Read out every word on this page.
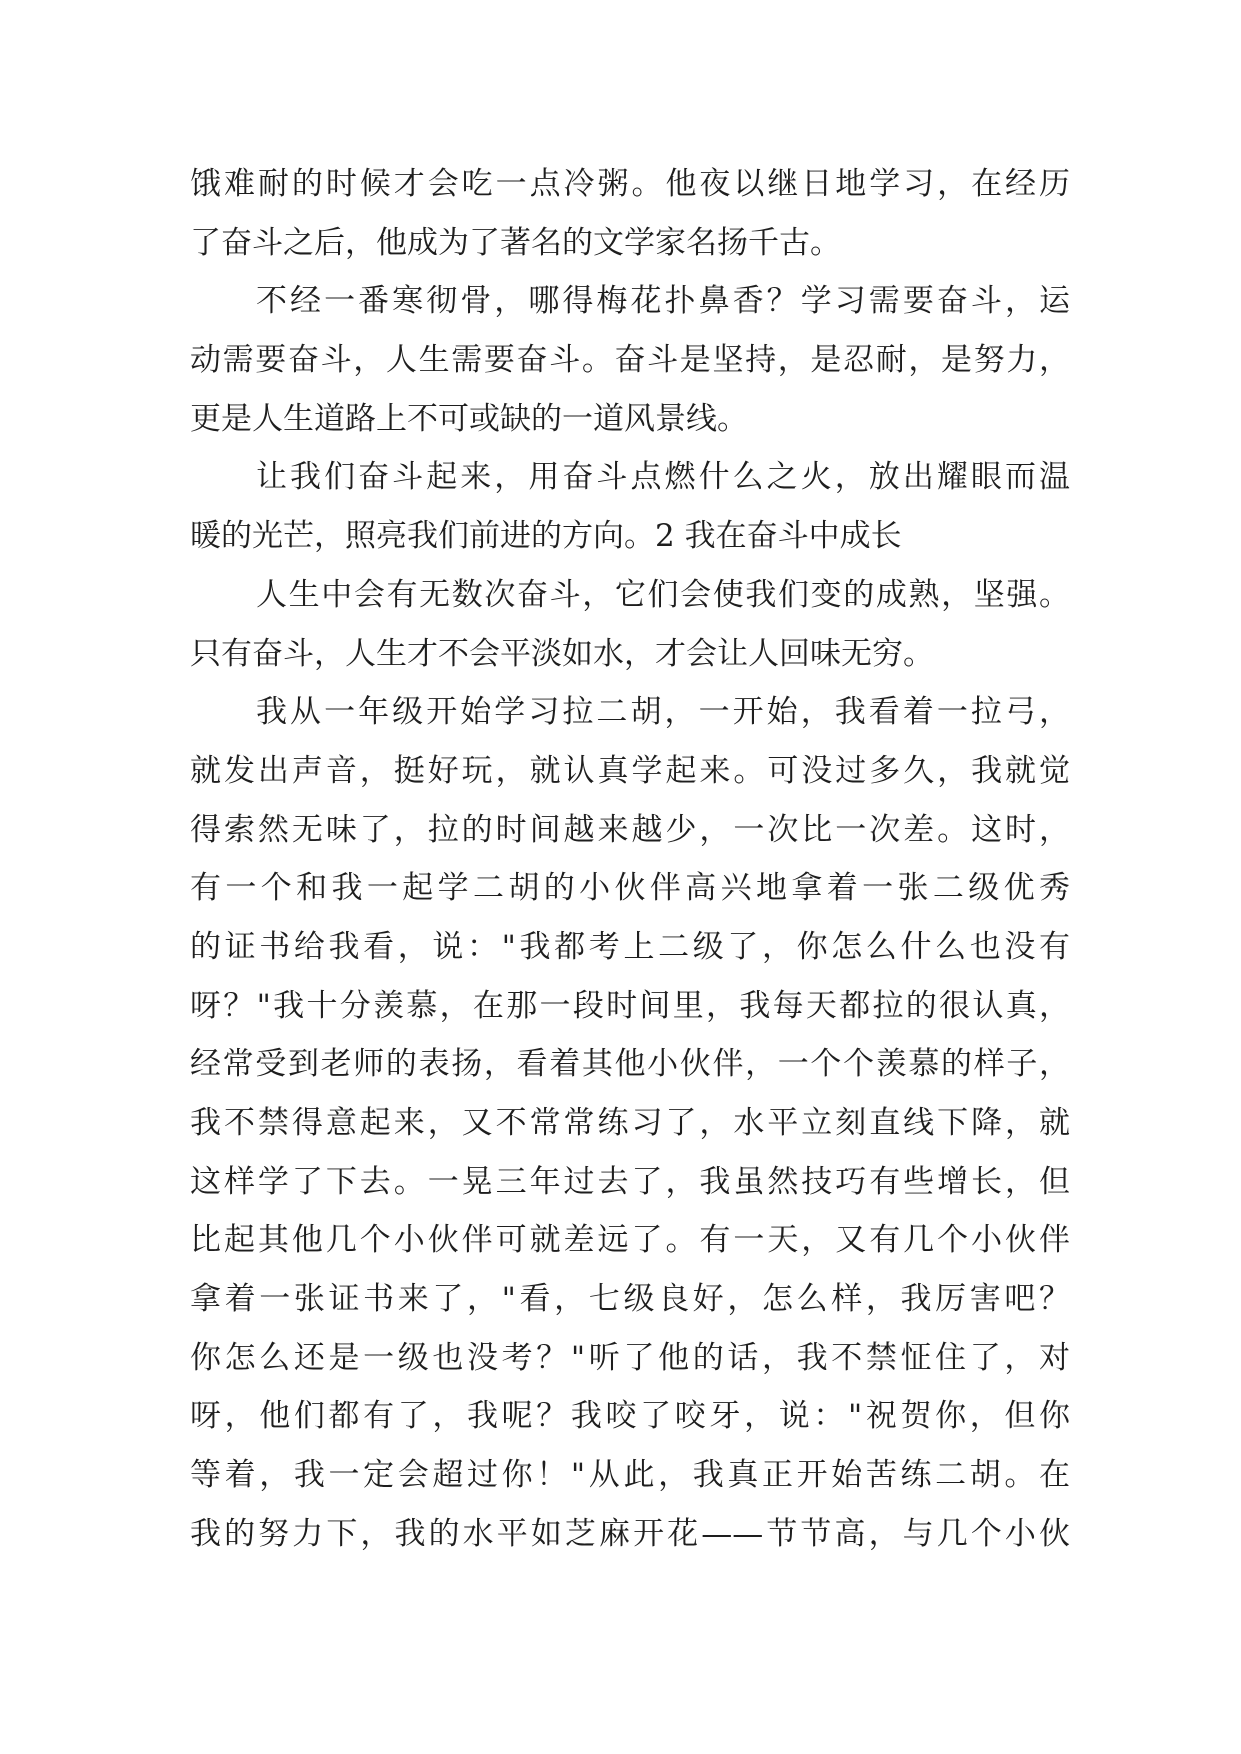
饿难耐的时候才会吃一点冷粥。他夜以继日地学习，在经历
了奋斗之后，他成为了著名的文学家名扬千古。
不经一番寒彻骨，哪得梅花扑鼻香？学习需要奋斗，运
动需要奋斗，人生需要奋斗。奋斗是坚持，是忍耐，是努力，
更是人生道路上不可或缺的一道风景线。
让我们奋斗起来，用奋斗点燃什么之火，放出耀眼而温
暖的光芒，照亮我们前进的方向。2 我在奋斗中成长
人生中会有无数次奋斗，它们会使我们变的成熟，坚强。
只有奋斗，人生才不会平淡如水，才会让人回味无穷。
我从一年级开始学习拉二胡，一开始，我看着一拉弓，
就发出声音，挺好玩，就认真学起来。可没过多久，我就觉
得索然无味了，拉的时间越来越少，一次比一次差。这时，
有一个和我一起学二胡的小伙伴高兴地拿着一张二级优秀
的证书给我看，说："我都考上二级了，你怎么什么也没有
呀？"我十分羡慕，在那一段时间里，我每天都拉的很认真，
经常受到老师的表扬，看着其他小伙伴，一个个羡慕的样子，
我不禁得意起来，又不常常练习了，水平立刻直线下降，就
这样学了下去。一晃三年过去了，我虽然技巧有些增长，但
比起其他几个小伙伴可就差远了。有一天，又有几个小伙伴
拿着一张证书来了，"看，七级良好，怎么样，我厉害吧？
你怎么还是一级也没考？"听了他的话，我不禁怔住了，对
呀，他们都有了，我呢？我咬了咬牙，说："祝贺你，但你
等着，我一定会超过你！"从此，我真正开始苦练二胡。在
我的努力下，我的水平如芝麻开花——节节高，与几个小伙
